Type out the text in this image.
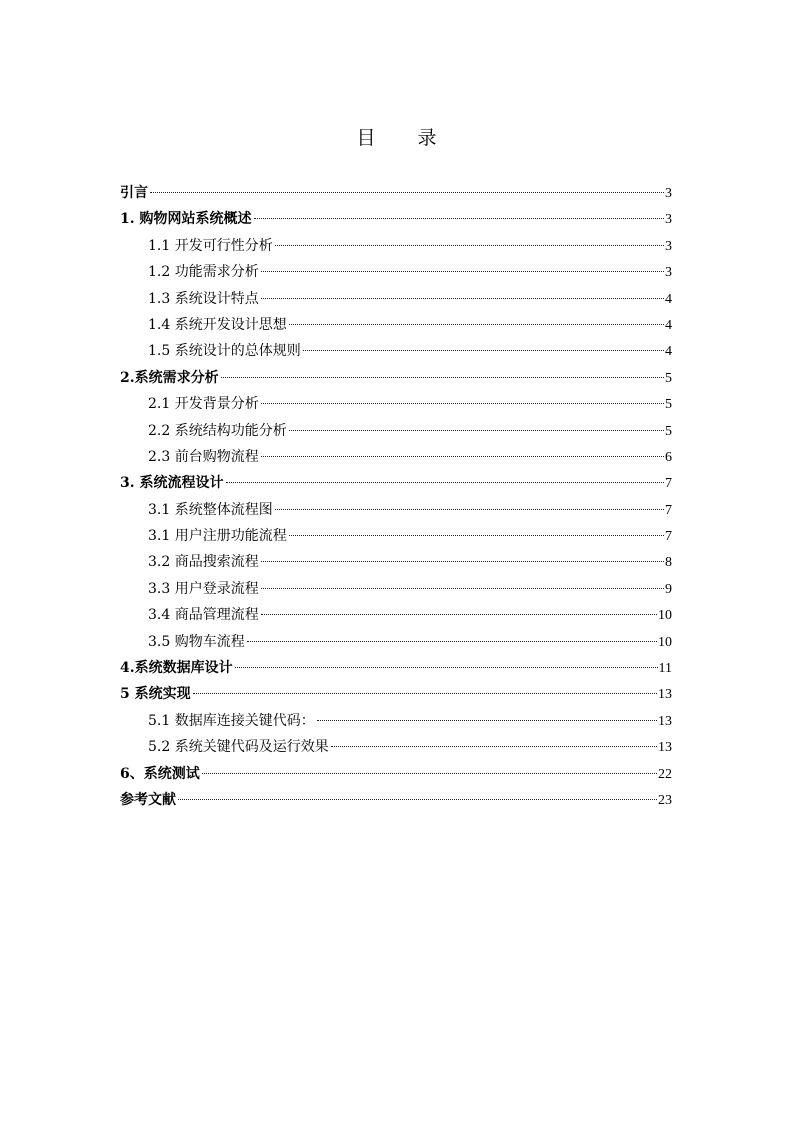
目 录
引言	3
1. 购物网站系统概述	3
1.1 开发可行性分析	3
1.2 功能需求分析	3
1.3 系统设计特点	4
1.4 系统开发设计思想	4
1.5 系统设计的总体规则	4
2.系统需求分析	5
2.1 开发背景分析	5
2.2 系统结构功能分析	5
2.3 前台购物流程	6
3. 系统流程设计	7
3.1 系统整体流程图	7
3.1 用户注册功能流程	7
3.2 商品搜索流程	8
3.3 用户登录流程	9
3.4 商品管理流程	10
3.5 购物车流程	10
4.系统数据库设计	11
5 系统实现	13
5.1 数据库连接关键代码：	13
5.2 系统关键代码及运行效果	13
6、系统测试	22
参考文献	23
